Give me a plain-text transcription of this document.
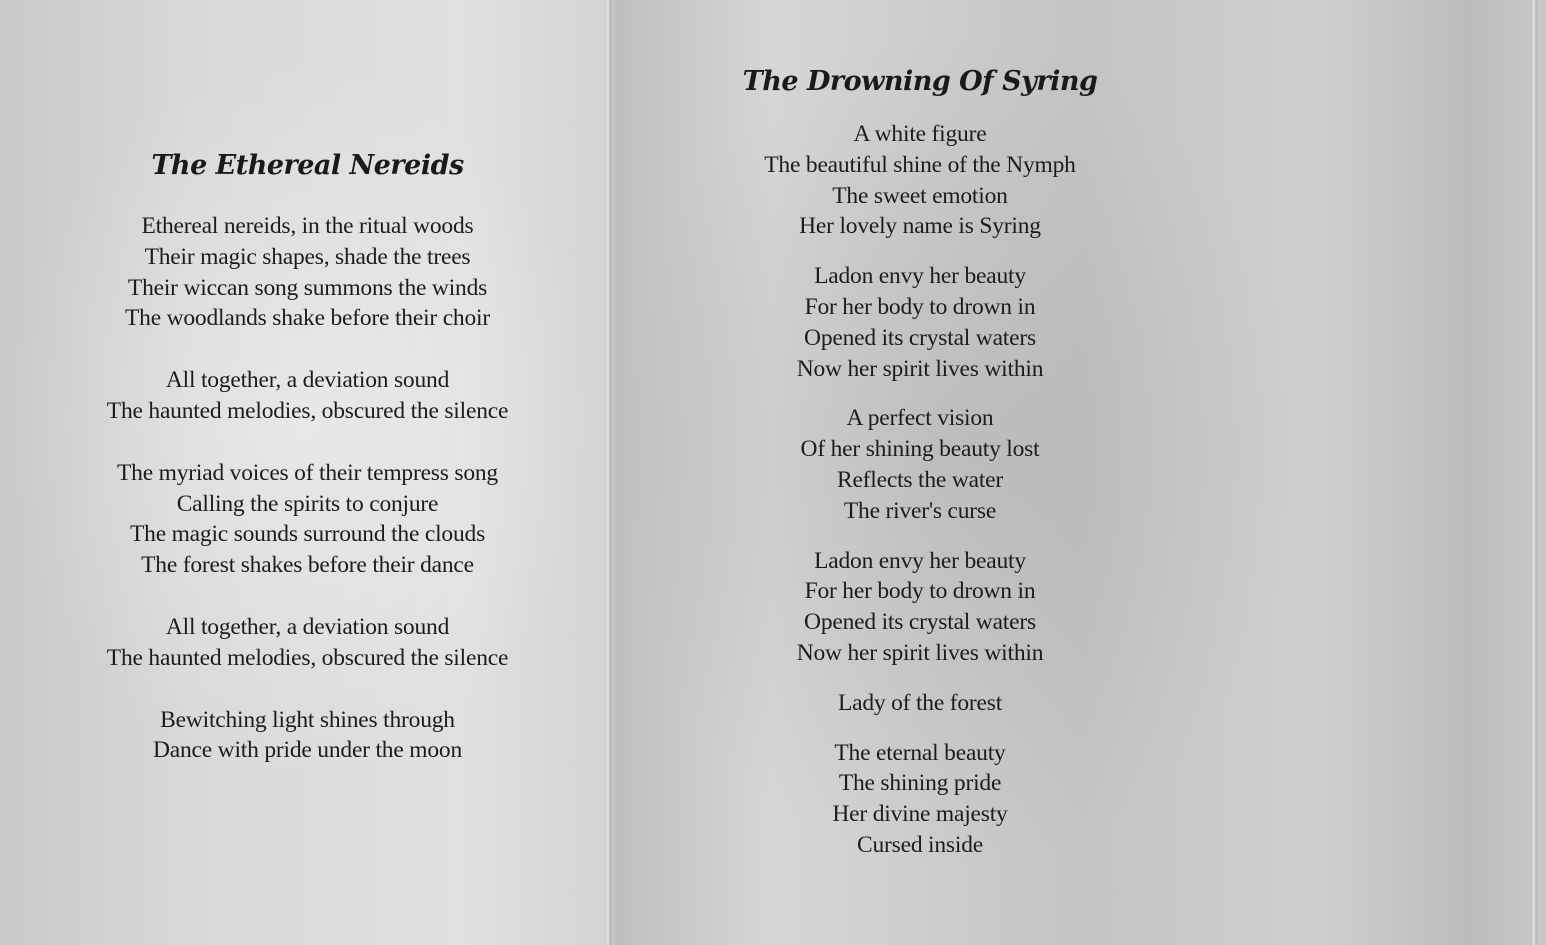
The Ethereal Nereids
Ethereal nereids, in the ritual woods
Their magic shapes, shade the trees
Their wiccan song summons the winds
The woodlands shake before their choir
All together, a deviation sound
The haunted melodies, obscured the silence
The myriad voices of their tempress song
Calling the spirits to conjure
The magic sounds surround the clouds
The forest shakes before their dance
All together, a deviation sound
The haunted melodies, obscured the silence
Bewitching light shines through
Dance with pride under the moon
The Drowning Of Syring
A white figure
The beautiful shine of the Nymph
The sweet emotion
Her lovely name is Syring
Ladon envy her beauty
For her body to drown in
Opened its crystal waters
Now her spirit lives within
A perfect vision
Of her shining beauty lost
Reflects the water
The river's curse
Ladon envy her beauty
For her body to drown in
Opened its crystal waters
Now her spirit lives within
Lady of the forest
The eternal beauty
The shining pride
Her divine majesty
Cursed inside
